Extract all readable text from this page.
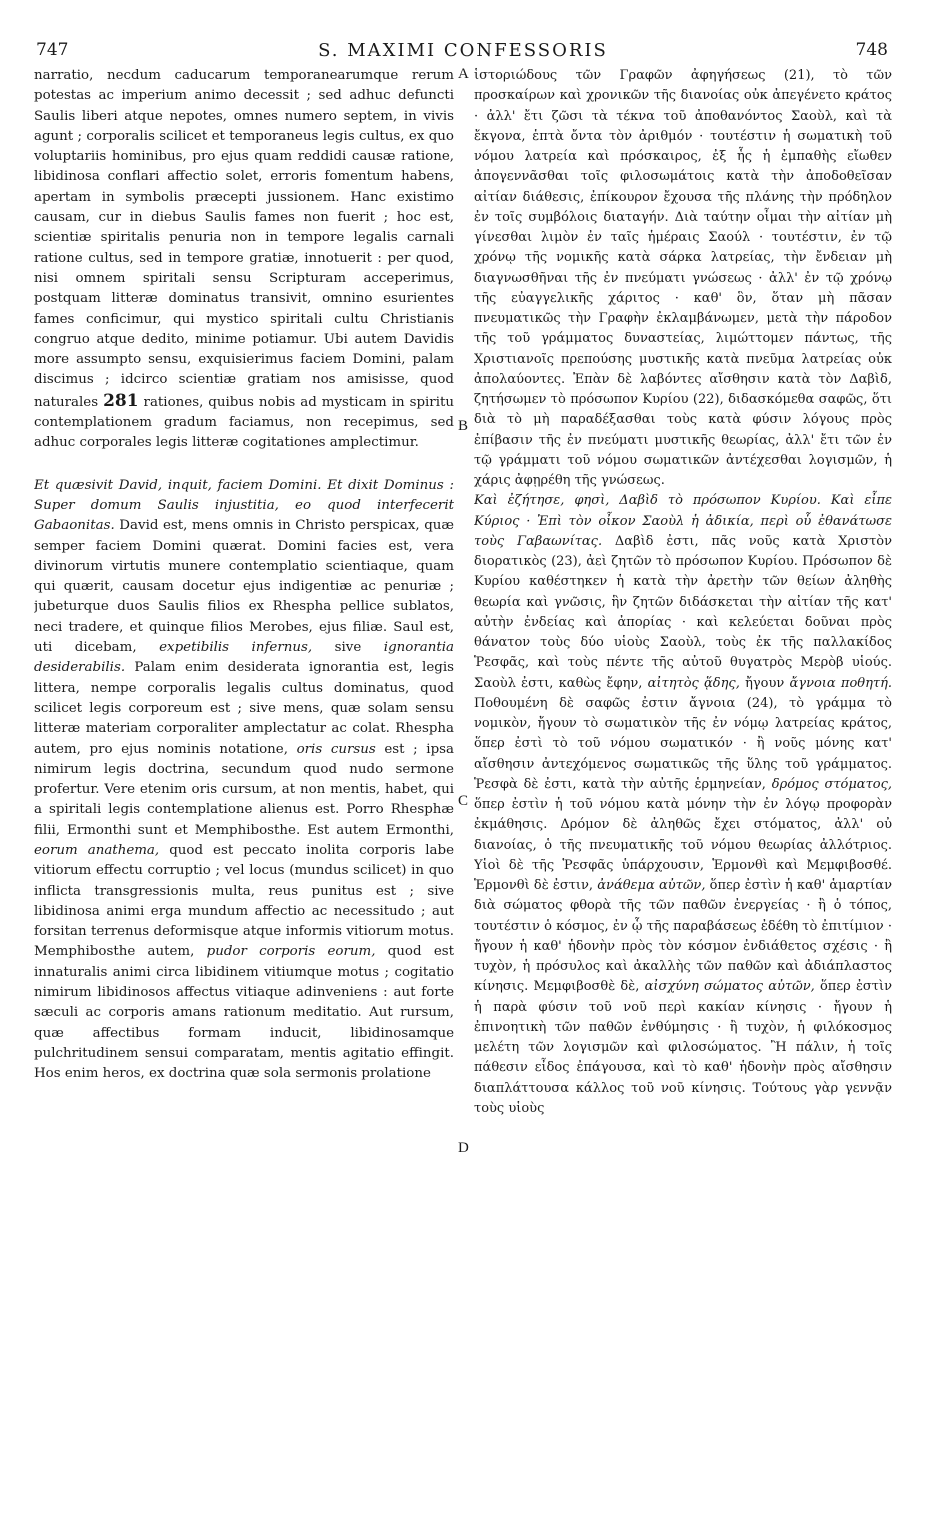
747	S. MAXIMI CONFESSORIS	748
A
B
C
D

narratio, necdum caducarum temporanearumque rerum potestas ac imperium animo decessit ; sed adhuc defuncti Saulis liberi atque nepotes, omnes numero septem, in vivis agunt ; corporalis scilicet et temporaneus legis cultus, ex quo voluptariis hominibus, pro ejus quam reddidi causæ ratione, libidinosa conflari affectio solet, erroris fomentum habens, apertam in symbolis præcepti jussionem. Hanc existimo causam, cur in diebus Saulis fames non fuerit ; hoc est, scientiæ spiritalis penuria non in tempore legalis carnali ratione cultus, sed in tempore gratiæ, innotuerit : per quod, nisi omnem spiritali sensu Scripturam acceperimus, postquam litteræ dominatus transivit, omnino esurientes fames conficimur, qui mystico spiritali cultu Christianis congruo atque dedito, minime potiamur. Ubi autem Davidis more assumpto sensu, exquisierimus faciem Domini, palam discimus ; idcirco scientiæ gratiam nos amisisse, quod naturales 281 rationes, quibus nobis ad mysticam in spiritu contemplationem gradum faciamus, non recepimus, sed adhuc corporales legis litteræ cogitationes amplectimur.

Et quæsivit David, inquit, faciem Domini. Et dixit Dominus : Super domum Saulis injustitia, eo quod interfecerit Gabaonitas. David est, mens omnis in Christo perspicax, quæ semper faciem Domini quærat. Domini facies est, vera divinorum virtutis munere contemplatio scientiaque, quam qui quærit, causam docetur ejus indigentiæ ac penuriæ ; jubeturque duos Saulis filios ex Rhespha pellice sublatos, neci tradere, et quinque filios Merobes, ejus filiæ. Saul est, uti dicebam, expetibilis infernus, sive ignorantia desiderabilis. Palam enim desiderata ignorantia est, legis littera, nempe corporalis legalis cultus dominatus, quod scilicet legis corporeum est ; sive mens, quæ solam sensu litteræ materiam corporaliter amplectatur ac colat. Rhespha autem, pro ejus nominis notatione, oris cursus est ; ipsa nimirum legis doctrina, secundum quod nudo sermone profertur. Vere etenim oris cursum, at non mentis, habet, qui a spiritali legis contemplatione alienus est. Porro Rhesphæ filii, Ermonthi sunt et Memphibosthe. Est autem Ermonthi, eorum anathema, quod est peccato inolita corporis labe vitiorum effectu corruptio ; vel locus (mundus scilicet) in quo inflicta transgressionis multa, reus punitus est ; sive libidinosa animi erga mundum affectio ac necessitudo ; aut forsitan terrenus deformisque atque informis vitiorum motus. Memphibosthe autem, pudor corporis eorum, quod est innaturalis animi circa libidinem vitiumque motus ; cogitatio nimirum libidinosos affectus vitiaque adinveniens : aut forte sæculi ac corporis amans rationum meditatio. Aut rursum, quæ affectibus formam inducit, libidinosamque pulchritudinem sensui comparatam, mentis agitatio effingit. Hos enim heros, ex doctrina quæ sola sermonis prolatione

ἱστοριώδους τῶν Γραφῶν ἀφηγήσεως (21), τὸ τῶν προσκαίρων καὶ χρονικῶν τῆς διανοίας οὐκ ἀπεγένετο κράτος · ἀλλ' ἔτι ζῶσι τὰ τέκνα τοῦ ἀποθανόντος Σαοὺλ, καὶ τὰ ἔκγονα, ἑπτὰ ὄντα τὸν ἀριθμόν · τουτέστιν ἡ σωματικὴ τοῦ νόμου λατρεία καὶ πρόσκαιρος, ἐξ ἧς ἡ ἐμπαθὴς εἴωθεν ἀπογεννᾶσθαι τοῖς φιλοσωμάτοις κατὰ τὴν ἀποδοθεῖσαν αἰτίαν διάθεσις, ἐπίκουρον ἔχουσα τῆς πλάνης τὴν πρόδηλον ἐν τοῖς συμβόλοις διαταγήν. Διὰ ταύτην οἶμαι τὴν αἰτίαν μὴ γίνεσθαι λιμὸν ἐν ταῖς ἡμέραις Σαούλ · τουτέστιν, ἐν τῷ χρόνῳ τῆς νομικῆς κατὰ σάρκα λατρείας, τὴν ἔνδειαν μὴ διαγνωσθῆναι τῆς ἐν πνεύματι γνώσεως · ἀλλ' ἐν τῷ χρόνῳ τῆς εὐαγγελικῆς χάριτος · καθ' ὃν, ὅταν μὴ πᾶσαν πνευματικῶς τὴν Γραφὴν ἐκλαμβάνωμεν, μετὰ τὴν πάροδον τῆς τοῦ γράμματος δυναστείας, λιμώττομεν πάντως, τῆς Χριστιανοῖς πρεπούσης μυστικῆς κατὰ πνεῦμα λατρείας οὐκ ἀπολαύοντες. Ἐπὰν δὲ λαβόντες αἴσθησιν κατὰ τὸν Δαβὶδ, ζητήσωμεν τὸ πρόσωπον Κυρίου (22), διδασκόμεθα σαφῶς, ὅτι διὰ τὸ μὴ παραδέξασθαι τοὺς κατὰ φύσιν λόγους πρὸς ἐπίβασιν τῆς ἐν πνεύματι μυστικῆς θεωρίας, ἀλλ' ἔτι τῶν ἐν τῷ γράμματι τοῦ νόμου σωματικῶν ἀντέχεσθαι λογισμῶν, ἡ χάρις ἀφῃρέθη τῆς γνώσεως.

Καὶ ἐζήτησε, φησὶ, Δαβὶδ τὸ πρόσωπον Κυρίου. Καὶ εἶπε Κύριος · Ἐπὶ τὸν οἶκον Σαοὺλ ἡ ἀδικία, περὶ οὗ ἐθανάτωσε τοὺς Γαβαωνίτας. Δαβὶδ ἐστι, πᾶς νοῦς κατὰ Χριστὸν διορατικὸς (23), ἀεὶ ζητῶν τὸ πρόσωπον Κυρίου. Πρόσωπον δὲ Κυρίου καθέστηκεν ἡ κατὰ τὴν ἀρετὴν τῶν θείων ἀληθὴς θεωρία καὶ γνῶσις, ἣν ζητῶν διδάσκεται τὴν αἰτίαν τῆς κατ' αὐτὴν ἐνδείας καὶ ἀπορίας · καὶ κελεύεται δοῦναι πρὸς θάνατον τοὺς δύο υἱοὺς Σαοὺλ, τοὺς ἐκ τῆς παλλακίδος Ῥεσφᾶς, καὶ τοὺς πέντε τῆς αὐτοῦ θυγατρὸς Μερὸβ υἱούς. Σαοὺλ ἐστι, καθὼς ἔφην, αἰτητὸς ᾅδης, ἤγουν ἄγνοια ποθητή. Ποθουμένη δὲ σαφῶς ἐστιν ἄγνοια (24), τὸ γράμμα τὸ νομικὸν, ἤγουν τὸ σωματικὸν τῆς ἐν νόμῳ λατρείας κράτος, ὅπερ ἐστὶ τὸ τοῦ νόμου σωματικόν · ἢ νοῦς μόνης κατ' αἴσθησιν ἀντεχόμενος σωματικῶς τῆς ὕλης τοῦ γράμματος. Ῥεσφὰ δὲ ἐστι, κατὰ τὴν αὐτῆς ἑρμηνείαν, δρόμος στόματος, ὅπερ ἐστὶν ἡ τοῦ νόμου κατὰ μόνην τὴν ἐν λόγῳ προφορὰν ἐκμάθησις. Δρόμον δὲ ἀληθῶς ἔχει στόματος, ἀλλ' οὐ διανοίας, ὁ τῆς πνευματικῆς τοῦ νόμου θεωρίας ἀλλότριος. Υἱοὶ δὲ τῆς Ῥεσφᾶς ὑπάρχουσιν, Ἑρμονθὶ καὶ Μεμφιβοσθέ. Ἑρμονθὶ δὲ ἐστιν, ἀνάθεμα αὐτῶν, ὅπερ ἐστὶν ἡ καθ' ἁμαρτίαν διὰ σώματος φθορὰ τῆς τῶν παθῶν ἐνεργείας · ἢ ὁ τόπος, τουτέστιν ὁ κόσμος, ἐν ᾧ τῆς παραβάσεως ἐδέθη τὸ ἐπιτίμιον · ἤγουν ἡ καθ' ἡδονὴν πρὸς τὸν κόσμον ἐνδιάθετος σχέσις · ἢ τυχὸν, ἡ πρόσυλος καὶ ἀκαλλὴς τῶν παθῶν καὶ ἀδιάπλαστος κίνησις. Μεμφιβοσθὲ δὲ, αἰσχύνη σώματος αὐτῶν, ὅπερ ἐστὶν ἡ παρὰ φύσιν τοῦ νοῦ περὶ κακίαν κίνησις · ἤγουν ἡ ἐπινοητικὴ τῶν παθῶν ἐνθύμησις · ἢ τυχὸν, ἡ φιλόκοσμος μελέτη τῶν λογισμῶν καὶ φιλοσώματος. Ἢ πάλιν, ἡ τοῖς πάθεσιν εἶδος ἐπάγουσα, καὶ τὸ καθ' ἡδονὴν πρὸς αἴσθησιν διαπλάττουσα κάλλος τοῦ νοῦ κίνησις. Τούτους γὰρ γεννᾷν τοὺς υἱοὺς
